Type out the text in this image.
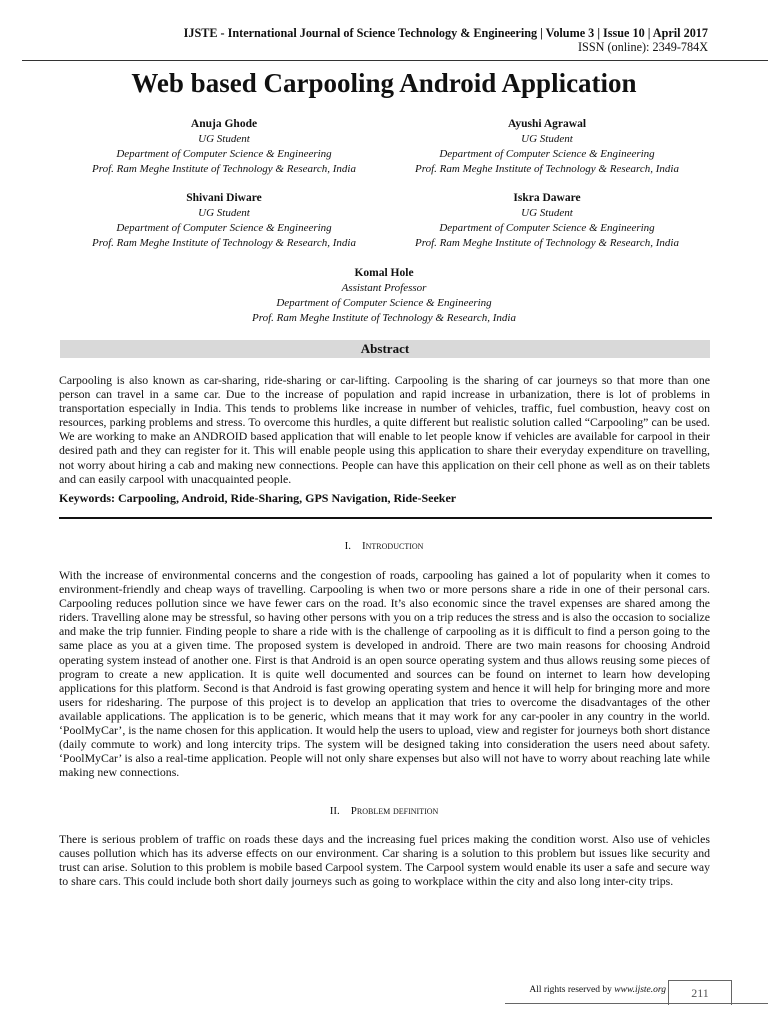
IJSTE - International Journal of Science Technology & Engineering | Volume 3 | Issue 10 | April 2017
ISSN (online): 2349-784X
Web based Carpooling Android Application
Anuja Ghode
UG Student
Department of Computer Science & Engineering
Prof. Ram Meghe Institute of Technology & Research, India
Ayushi Agrawal
UG Student
Department of Computer Science & Engineering
Prof. Ram Meghe Institute of Technology & Research, India
Shivani Diware
UG Student
Department of Computer Science & Engineering
Prof. Ram Meghe Institute of Technology & Research, India
Iskra Daware
UG Student
Department of Computer Science & Engineering
Prof. Ram Meghe Institute of Technology & Research, India
Komal Hole
Assistant Professor
Department of Computer Science & Engineering
Prof. Ram Meghe Institute of Technology & Research, India
Abstract
Carpooling is also known as car-sharing, ride-sharing or car-lifting. Carpooling is the sharing of car journeys so that more than one person can travel in a same car. Due to the increase of population and rapid increase in urbanization, there is lot of problems in transportation especially in India. This tends to problems like increase in number of vehicles, traffic, fuel combustion, heavy cost on resources, parking problems and stress. To overcome this hurdles, a quite different but realistic solution called “Carpooling” can be used. We are working to make an ANDROID based application that will enable to let people know if vehicles are available for carpool in their desired path and they can register for it. This will enable people using this application to share their everyday expenditure on travelling, not worry about hiring a cab and making new connections. People can have this application on their cell phone as well as on their tablets and can easily carpool with unacquainted people.
Keywords: Carpooling, Android, Ride-Sharing, GPS Navigation, Ride-Seeker
I. Introduction
With the increase of environmental concerns and the congestion of roads, carpooling has gained a lot of popularity when it comes to environment-friendly and cheap ways of travelling. Carpooling is when two or more persons share a ride in one of their personal cars. Carpooling reduces pollution since we have fewer cars on the road. It’s also economic since the travel expenses are shared among the riders. Travelling alone may be stressful, so having other persons with you on a trip reduces the stress and is also the occasion to socialize and make the trip funnier. Finding people to share a ride with is the challenge of carpooling as it is difficult to find a person going to the same place as you at a given time. The proposed system is developed in android. There are two main reasons for choosing Android operating system instead of another one. First is that Android is an open source operating system and thus allows reusing some pieces of program to create a new application. It is quite well documented and sources can be found on internet to learn how developing applications for this platform. Second is that Android is fast growing operating system and hence it will help for bringing more and more users for ridesharing. The purpose of this project is to develop an application that tries to overcome the disadvantages of the other available applications. The application is to be generic, which means that it may work for any car-pooler in any country in the world. ‘PoolMyCar’, is the name chosen for this application. It would help the users to upload, view and register for journeys both short distance (daily commute to work) and long intercity trips. The system will be designed taking into consideration the users need about safety. ‘PoolMyCar’ is also a real-time application. People will not only share expenses but also will not have to worry about reaching late while making new connections.
II. Problem definition
There is serious problem of traffic on roads these days and the increasing fuel prices making the condition worst. Also use of vehicles causes pollution which has its adverse effects on our environment. Car sharing is a solution to this problem but issues like security and trust can arise. Solution to this problem is mobile based Carpool system. The Carpool system would enable its user a safe and secure way to share cars. This could include both short daily journeys such as going to workplace within the city and also long inter-city trips.
All rights reserved by www.ijste.org	211
